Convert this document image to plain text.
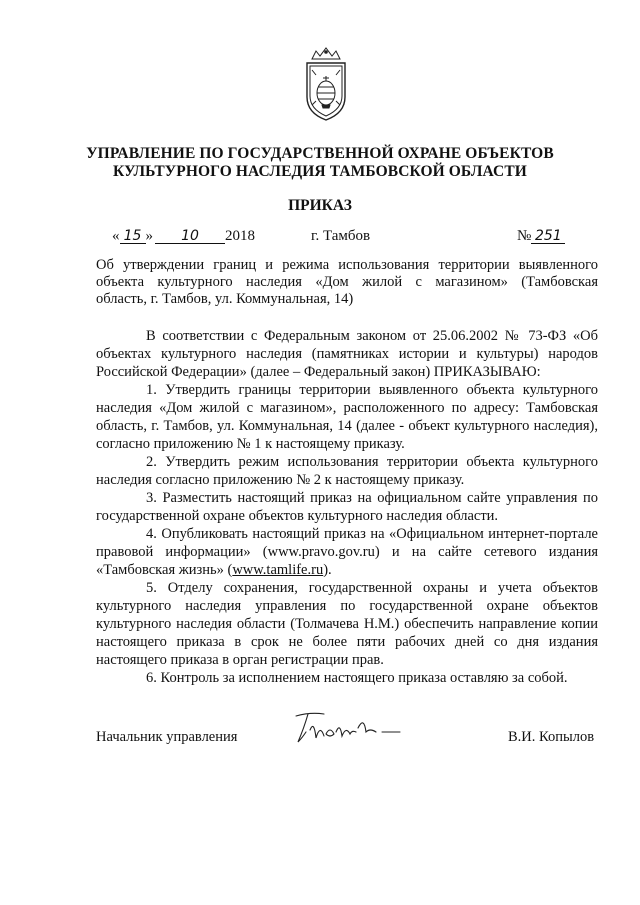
УПРАВЛЕНИЕ ПО ГОСУДАРСТВЕННОЙ ОХРАНЕ ОБЪЕКТОВ
КУЛЬТУРНОГО НАСЛЕДИЯ ТАМБОВСКОЙ ОБЛАСТИ
ПРИКАЗ
« 15 » 10 2018	г. Тамбов	№ 251
Об утверждении границ и режима использования территории выявленного
объекта культурного наследия «Дом жилой с магазином» (Тамбовская
область, г. Тамбов, ул. Коммунальная, 14)

В соответствии с Федеральным законом от 25.06.2002 № 73-ФЗ «Об объектах культурного наследия (памятниках истории и культуры) народов Российской Федерации» (далее – Федеральный закон) ПРИКАЗЫВАЮ:

1. Утвердить границы территории выявленного объекта культурного наследия «Дом жилой с магазином», расположенного по адресу: Тамбовская область, г. Тамбов, ул. Коммунальная, 14 (далее - объект культурного наследия), согласно приложению № 1 к настоящему приказу.

2. Утвердить режим использования территории объекта культурного наследия согласно приложению № 2 к настоящему приказу.

3. Разместить настоящий приказ на официальном сайте управления по государственной охране объектов культурного наследия области.

4. Опубликовать настоящий приказ на «Официальном интернет-портале правовой информации» (www.pravo.gov.ru) и на сайте сетевого издания «Тамбовская жизнь» (www.tamlife.ru).

5. Отделу сохранения, государственной охраны и учета объектов культурного наследия управления по государственной охране объектов культурного наследия области (Толмачева Н.М.) обеспечить направление копии настоящего приказа в срок не более пяти рабочих дней со дня издания настоящего приказа в орган регистрации прав.

6. Контроль за исполнением настоящего приказа оставляю за собой.

Начальник управления	В.И. Копылов
